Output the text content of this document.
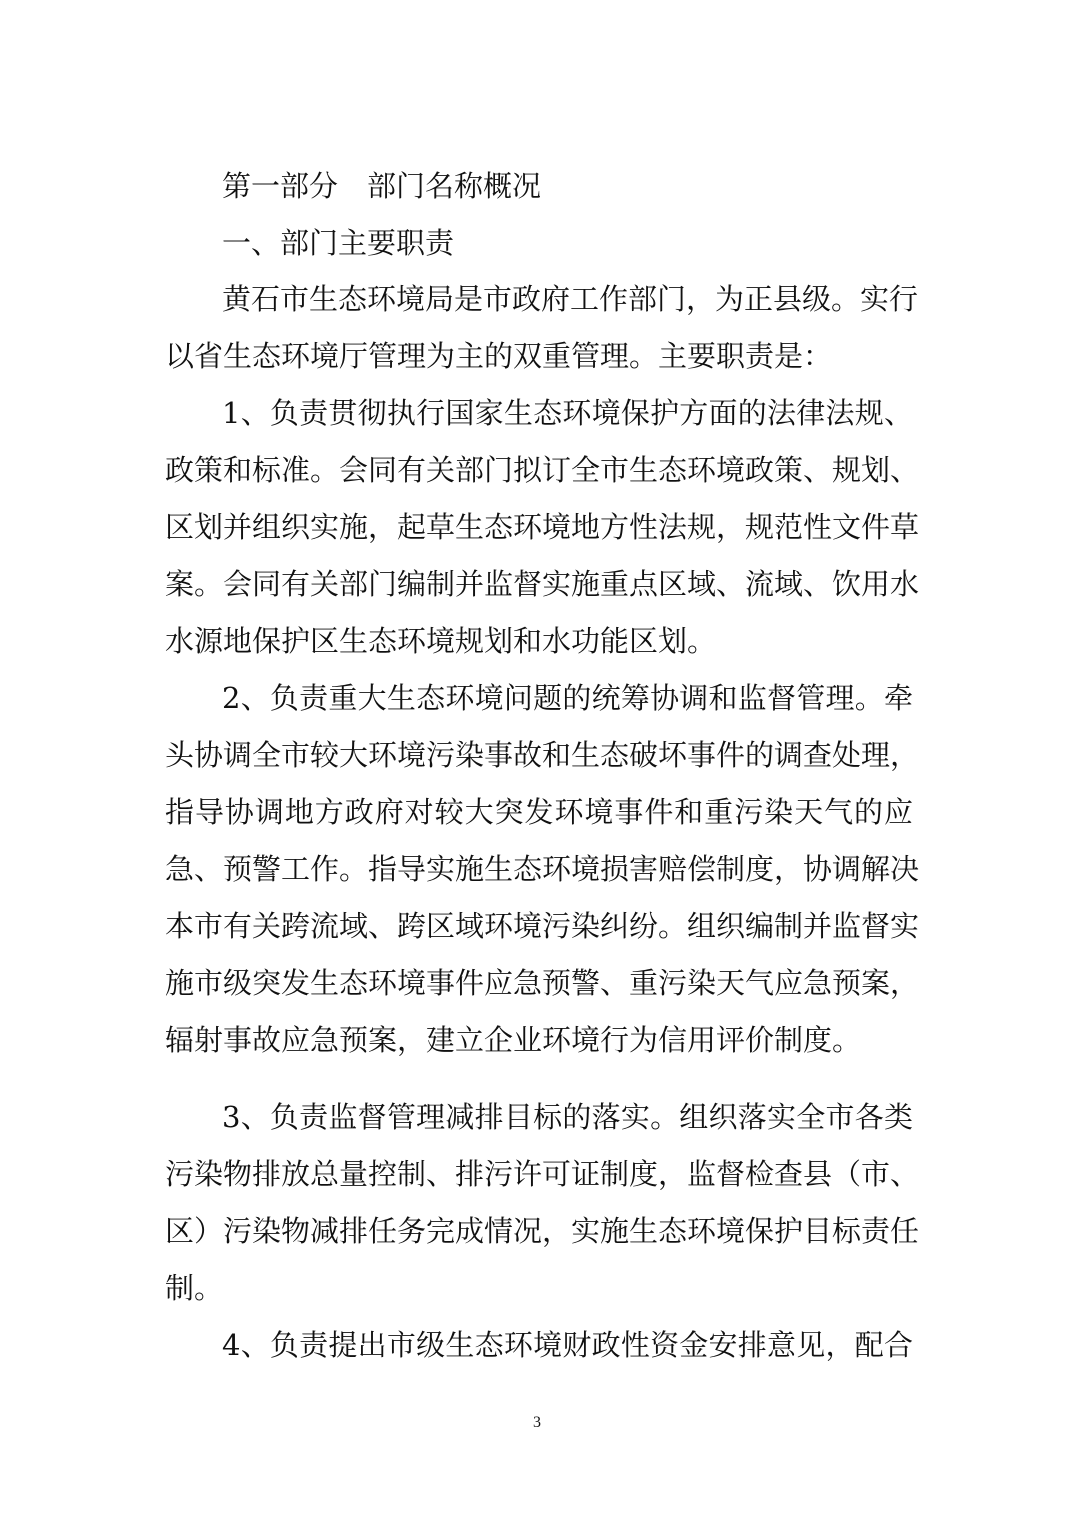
第一部分　部门名称概况
一、部门主要职责
黄石市生态环境局是市政府工作部门，为正县级。实行
以省生态环境厅管理为主的双重管理。主要职责是：
1、负责贯彻执行国家生态环境保护方面的法律法规、
政策和标准。会同有关部门拟订全市生态环境政策、规划、
区划并组织实施，起草生态环境地方性法规，规范性文件草
案。会同有关部门编制并监督实施重点区域、流域、饮用水
水源地保护区生态环境规划和水功能区划。
2、负责重大生态环境问题的统筹协调和监督管理。牵
头协调全市较大环境污染事故和生态破坏事件的调查处理，
指导协调地方政府对较大突发环境事件和重污染天气的应
急、预警工作。指导实施生态环境损害赔偿制度，协调解决
本市有关跨流域、跨区域环境污染纠纷。组织编制并监督实
施市级突发生态环境事件应急预警、重污染天气应急预案，
辐射事故应急预案，建立企业环境行为信用评价制度。
3、负责监督管理减排目标的落实。组织落实全市各类
污染物排放总量控制、排污许可证制度，监督检查县（市、
区）污染物减排任务完成情况，实施生态环境保护目标责任
制。
4、负责提出市级生态环境财政性资金安排意见，配合
3
